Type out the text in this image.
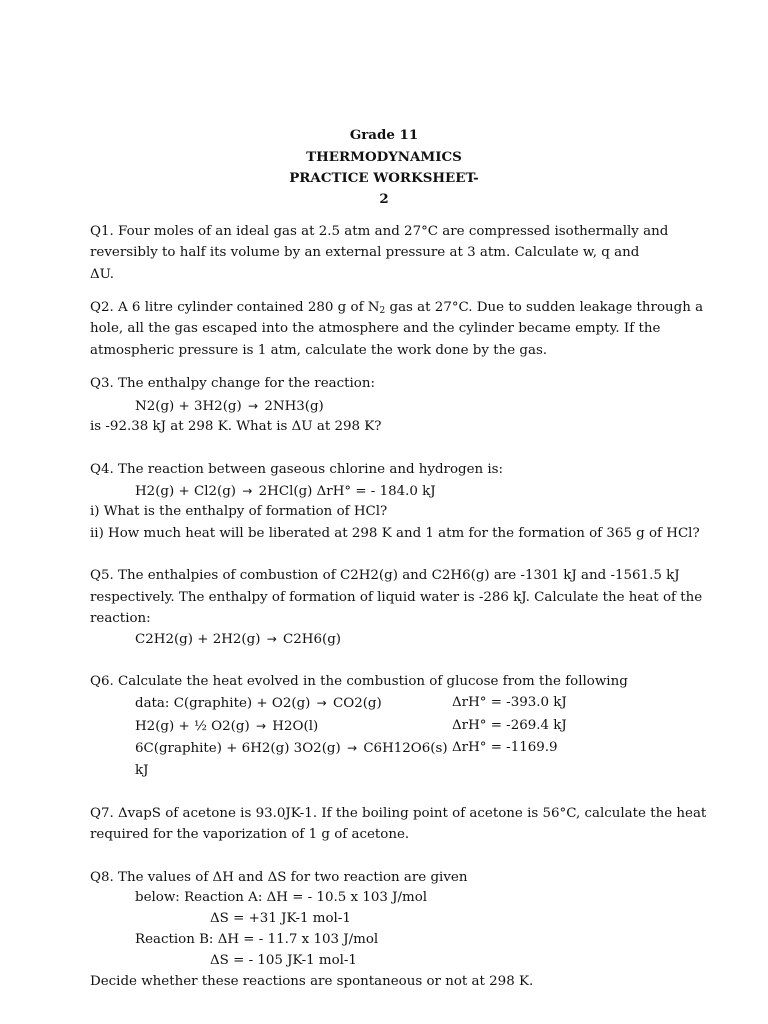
Grade 11
THERMODYNAMICS
PRACTICE WORKSHEET-
2
Q1. Four moles of an ideal gas at 2.5 atm and 27°C are compressed isothermally and
reversibly to half its volume by an external pressure at 3 atm. Calculate w, q and
ΔU.
Q2. A 6 litre cylinder contained 280 g of $N_2$ gas at 27°C. Due to sudden leakage through a
hole, all the gas escaped into the atmosphere and the cylinder became empty. If the
atmospheric pressure is 1 atm, calculate the work done by the gas.
Q3. The enthalpy change for the reaction:
N2(g) + 3H2(g) → 2NH3(g)
is -92.38 kJ at 298 K. What is ΔU at 298 K?
Q4. The reaction between gaseous chlorine and hydrogen is:
H2(g) + Cl2(g) → 2HCl(g) ΔrH° = - 184.0 kJ
i) What is the enthalpy of formation of HCl?
ii) How much heat will be liberated at 298 K and 1 atm for the formation of 365 g of HCl?
Q5. The enthalpies of combustion of C2H2(g) and C2H6(g) are -1301 kJ and -1561.5 kJ
respectively. The enthalpy of formation of liquid water is -286 kJ. Calculate the heat of the
reaction:
C2H2(g) + 2H2(g) → C2H6(g)
Q6. Calculate the heat evolved in the combustion of glucose from the following
data: C(graphite) + O2(g) → CO2(g)	ΔrH° = -393.0 kJ
H2(g) + ½ O2(g) → H2O(l)	ΔrH° = -269.4 kJ
6C(graphite) + 6H2(g) 3O2(g) → C6H12O6(s) ΔrH° = -1169.9
kJ
Q7. ΔvapS of acetone is 93.0JK-1. If the boiling point of acetone is 56°C, calculate the heat
required for the vaporization of 1 g of acetone.
Q8. The values of ΔH and ΔS for two reaction are given
below: Reaction A: ΔH = - 10.5 x 103 J/mol
ΔS = +31 JK-1 mol-1
Reaction B: ΔH = - 11.7 x 103 J/mol
ΔS = - 105 JK-1 mol-1
Decide whether these reactions are spontaneous or not at 298 K.
